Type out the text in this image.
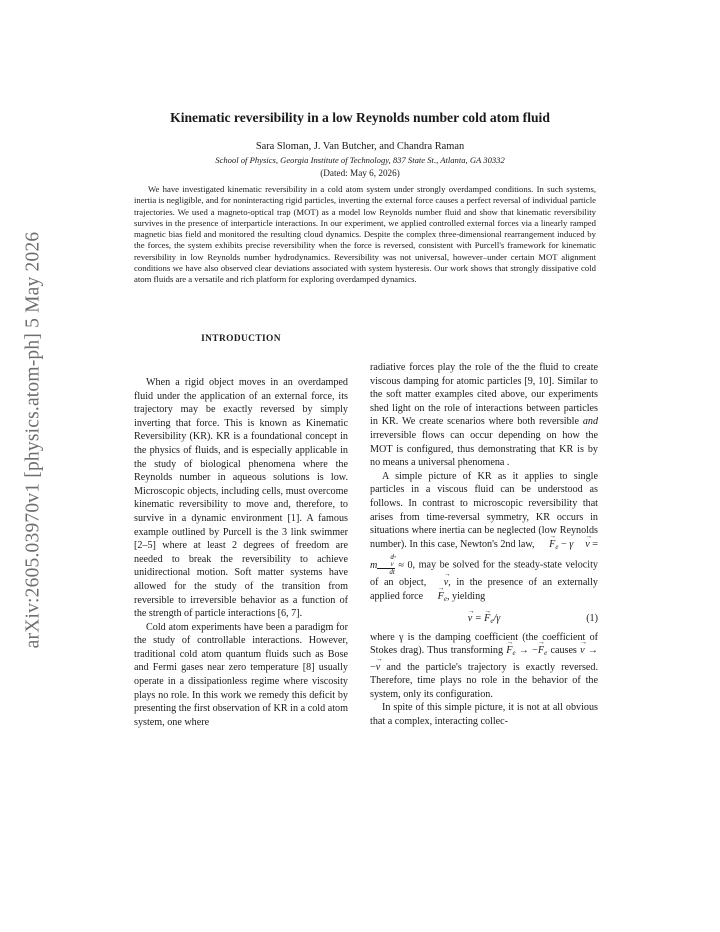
arXiv:2605.03970v1 [physics.atom-ph] 5 May 2026
Kinematic reversibility in a low Reynolds number cold atom fluid
Sara Sloman, J. Van Butcher, and Chandra Raman
School of Physics, Georgia Institute of Technology, 837 State St., Atlanta, GA 30332
(Dated: May 6, 2026)
We have investigated kinematic reversibility in a cold atom system under strongly overdamped conditions. In such systems, inertia is negligible, and for noninteracting rigid particles, inverting the external force causes a perfect reversal of individual particle trajectories. We used a magneto-optical trap (MOT) as a model low Reynolds number fluid and show that kinematic reversibility survives in the presence of interparticle interactions. In our experiment, we applied controlled external forces via a linearly ramped magnetic bias field and monitored the resulting cloud dynamics. Despite the complex three-dimensional rearrangement induced by the forces, the system exhibits precise reversibility when the force is reversed, consistent with Purcell's framework for kinematic reversibility in low Reynolds number hydrodynamics. Reversibility was not universal, however–under certain MOT alignment conditions we have also observed clear deviations associated with system hysteresis. Our work shows that strongly dissipative cold atom fluids are a versatile and rich platform for exploring overdamped dynamics.
INTRODUCTION

When a rigid object moves in an overdamped fluid under the application of an external force, its trajectory may be exactly reversed by simply inverting that force. This is known as Kinematic Reversibility (KR). KR is a foundational concept in the physics of fluids, and is especially applicable in the study of biological phenomena where the Reynolds number in aqueous solutions is low. Microscopic objects, including cells, must overcome kinematic reversibility to move and, therefore, to survive in a dynamic environment [1]. A famous example outlined by Purcell is the 3 link swimmer [2–5] where at least 2 degrees of freedom are needed to break the reversibility to achieve unidirectional motion. Soft matter systems have allowed for the study of the transition from reversible to irreversible behavior as a function of the strength of particle interactions [6, 7].

Cold atom experiments have been a paradigm for the study of controllable interactions. However, traditional cold atom quantum fluids such as Bose and Fermi gases near zero temperature [8] usually operate in a dissipationless regime where viscosity plays no role. In this work we remedy this deficit by presenting the first observation of KR in a cold atom system, one where

radiative forces play the role of the the fluid to create viscous damping for atomic particles [9, 10]. Similar to the soft matter examples cited above, our experiments shed light on the role of interactions between particles in KR. We create scenarios where both reversible and irreversible flows can occur depending on how the MOT is configured, thus demonstrating that KR is by no means a universal phenomena .

A simple picture of KR as it applies to single particles in a viscous fluid can be understood as follows. In contrast to microscopic reversibility that arises from time-reversal symmetry, KR occurs in situations where inertia can be neglected (low Reynolds number). In this case, Newton's 2nd law, → $F_e - \gamma\to v = m$ d
→ v
dt ≈ 0, may be solved for the steady-state velocity of an object, → v, in the presence of an externally applied force → $F_e$, yielding

→ v = → $F_e/\gamma$	(1)

where γ is the damping coefficient (the coefficient of Stokes drag). Thus transforming → $F_e$ → −→ $F_e$ causes → v → −→ v and the particle's trajectory is exactly reversed. Therefore, time plays no role in the behavior of the system, only its configuration.

In spite of this simple picture, it is not at all obvious that a complex, interacting collec-
